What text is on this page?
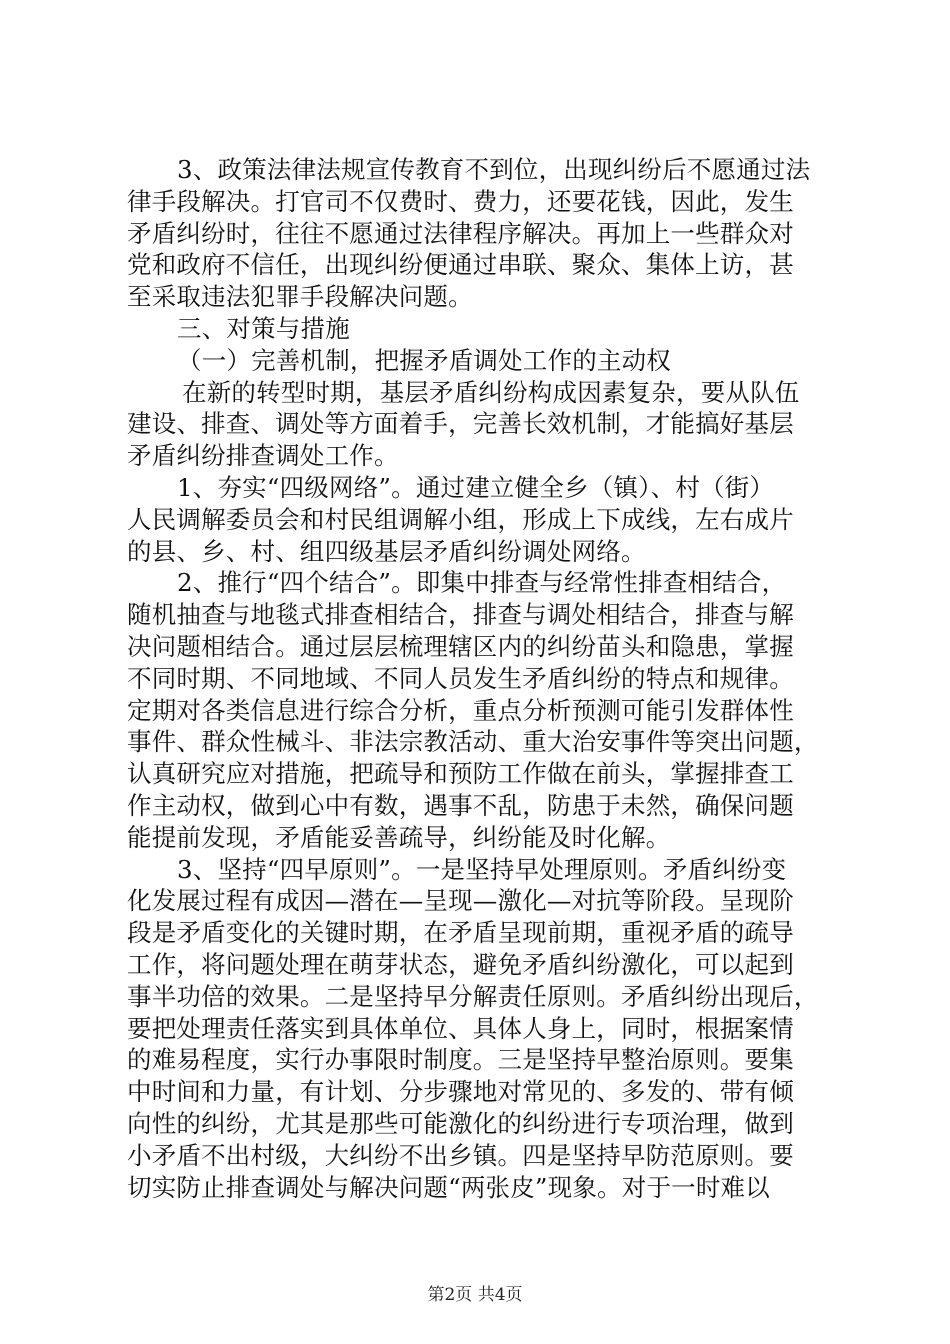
3、政策法律法规宣传教育不到位，出现纠纷后不愿通过法
律手段解决。打官司不仅费时、费力，还要花钱，因此，发生
矛盾纠纷时，往往不愿通过法律程序解决。再加上一些群众对
党和政府不信任，出现纠纷便通过串联、聚众、集体上访，甚
至采取违法犯罪手段解决问题。
三、对策与措施
（一）完善机制，把握矛盾调处工作的主动权
在新的转型时期，基层矛盾纠纷构成因素复杂，要从队伍
建设、排查、调处等方面着手，完善长效机制，才能搞好基层
矛盾纠纷排查调处工作。
1、夯实“四级网络”。通过建立健全乡（镇）、村（街）
人民调解委员会和村民组调解小组，形成上下成线，左右成片
的县、乡、村、组四级基层矛盾纠纷调处网络。
2、推行“四个结合”。即集中排查与经常性排查相结合，
随机抽查与地毯式排查相结合，排查与调处相结合，排查与解
决问题相结合。通过层层梳理辖区内的纠纷苗头和隐患，掌握
不同时期、不同地域、不同人员发生矛盾纠纷的特点和规律。
定期对各类信息进行综合分析，重点分析预测可能引发群体性
事件、群众性械斗、非法宗教活动、重大治安事件等突出问题，
认真研究应对措施，把疏导和预防工作做在前头，掌握排查工
作主动权，做到心中有数，遇事不乱，防患于未然，确保问题
能提前发现，矛盾能妥善疏导，纠纷能及时化解。
3、坚持“四早原则”。一是坚持早处理原则。矛盾纠纷变
化发展过程有成因—潜在—呈现—激化—对抗等阶段。呈现阶
段是矛盾变化的关键时期，在矛盾呈现前期，重视矛盾的疏导
工作，将问题处理在萌芽状态，避免矛盾纠纷激化，可以起到
事半功倍的效果。二是坚持早分解责任原则。矛盾纠纷出现后，
要把处理责任落实到具体单位、具体人身上，同时，根据案情
的难易程度，实行办事限时制度。三是坚持早整治原则。要集
中时间和力量，有计划、分步骤地对常见的、多发的、带有倾
向性的纠纷，尤其是那些可能激化的纠纷进行专项治理，做到
小矛盾不出村级，大纠纷不出乡镇。四是坚持早防范原则。要
切实防止排查调处与解决问题“两张皮”现象。对于一时难以
第2页 共4页
